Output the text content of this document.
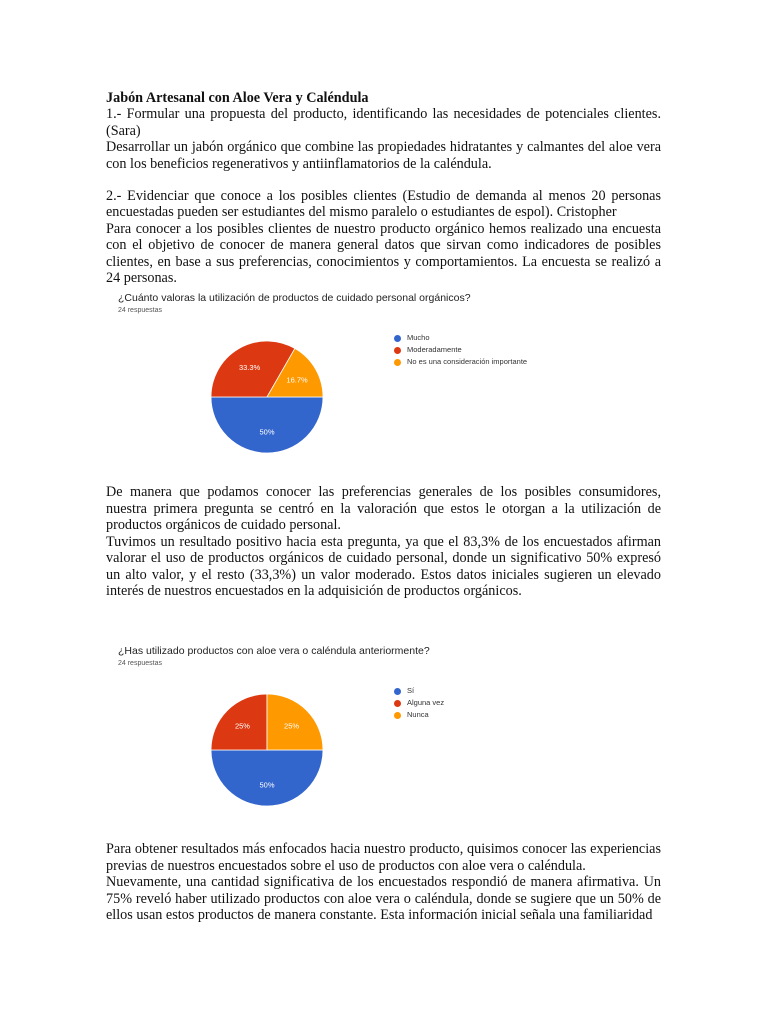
Jabón Artesanal con Aloe Vera y Caléndula

1.- Formular una propuesta del producto, identificando las necesidades de potenciales clientes. (Sara)

Desarrollar un jabón orgánico que combine las propiedades hidratantes y calmantes del aloe vera con los beneficios regenerativos y antiinflamatorios de la caléndula.

2.- Evidenciar que conoce a los posibles clientes (Estudio de demanda al menos 20 personas encuestadas pueden ser estudiantes del mismo paralelo o estudiantes de espol). Cristopher

Para conocer a los posibles clientes de nuestro producto orgánico hemos realizado una encuesta con el objetivo de conocer de manera general datos que sirvan como indicadores de posibles clientes, en base a sus preferencias, conocimientos y comportamientos. La encuesta se realizó a 24 personas.

¿Cuánto valoras la utilización de productos de cuidado personal orgánicos?

24 respuestas

50%
33.3%
16.7%
Mucho
Moderadamente
No es una consideración importante

De manera que podamos conocer las preferencias generales de los posibles consumidores, nuestra primera pregunta se centró en la valoración que estos le otorgan a la utilización de productos orgánicos de cuidado personal.

Tuvimos un resultado positivo hacia esta pregunta, ya que el 83,3% de los encuestados afirman valorar el uso de productos orgánicos de cuidado personal, donde un significativo 50% expresó un alto valor, y el resto (33,3%) un valor moderado. Estos datos iniciales sugieren un elevado interés de nuestros encuestados en la adquisición de productos orgánicos.

¿Has utilizado productos con aloe vera o caléndula anteriormente?

24 respuestas

50%
25%	25%
Sí
Alguna vez
Nunca

Para obtener resultados más enfocados hacia nuestro producto, quisimos conocer las experiencias previas de nuestros encuestados sobre el uso de productos con aloe vera o caléndula.

Nuevamente, una cantidad significativa de los encuestados respondió de manera afirmativa. Un 75% reveló haber utilizado productos con aloe vera o caléndula, donde se sugiere que un 50% de ellos usan estos productos de manera constante. Esta información inicial señala una familiaridad
